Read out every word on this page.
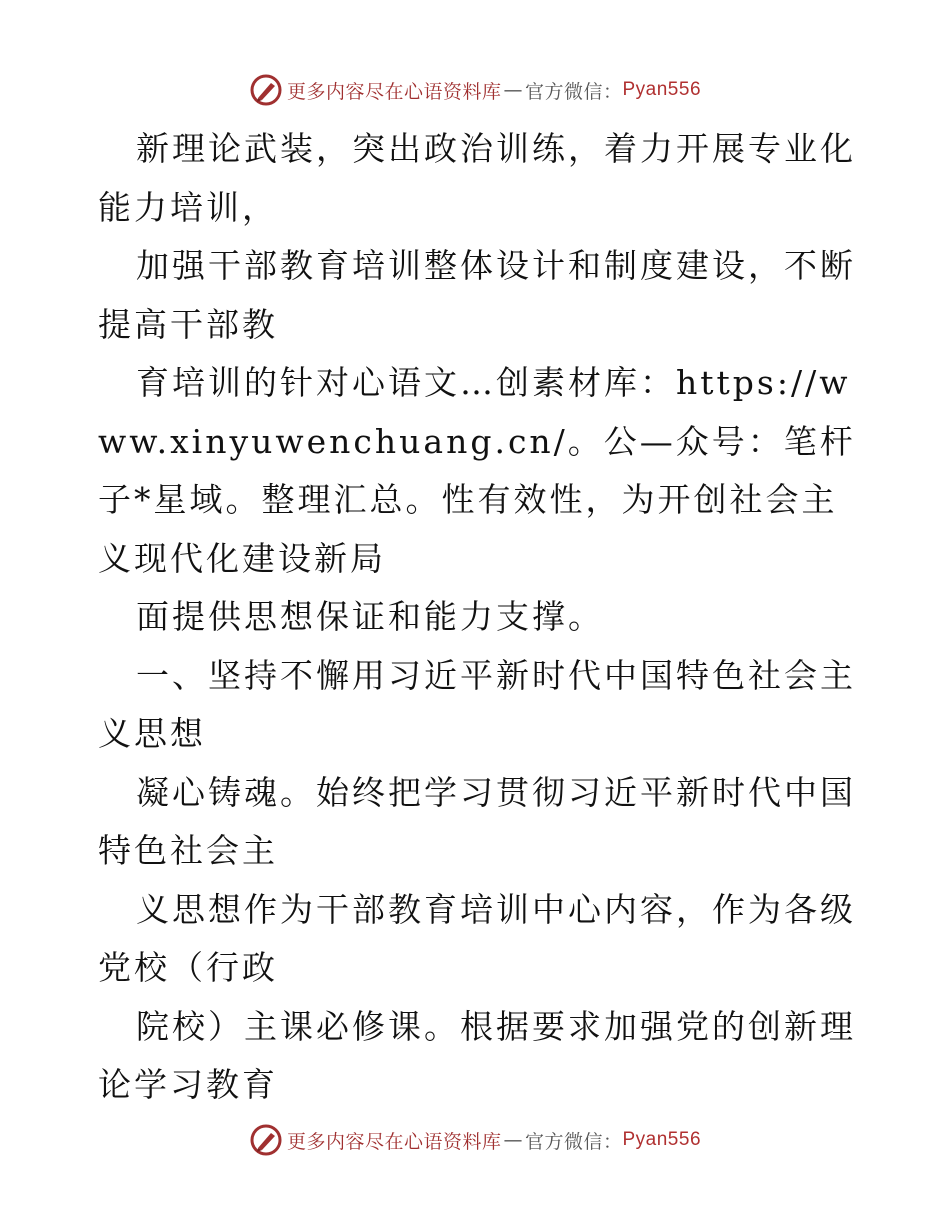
更多内容尽在心语资料库 — 官方微信： Pyan556

新理论武装，突出政治训练，着力开展专业化能力培训，

加强干部教育培训整体设计和制度建设，不断提高干部教

育培训的针对心语文…创素材库：https://www.xinyuwenchuang.cn/。公—众号：笔杆子*星域。整理汇总。性有效性，为开创社会主义现代化建设新局

面提供思想保证和能力支撑。

一、坚持不懈用习近平新时代中国特色社会主义思想

凝心铸魂。始终把学习贯彻习近平新时代中国特色社会主

义思想作为干部教育培训中心内容，作为各级党校（行政

院校）主课必修课。根据要求加强党的创新理论学习教育

更多内容尽在心语资料库 — 官方微信： Pyan556
